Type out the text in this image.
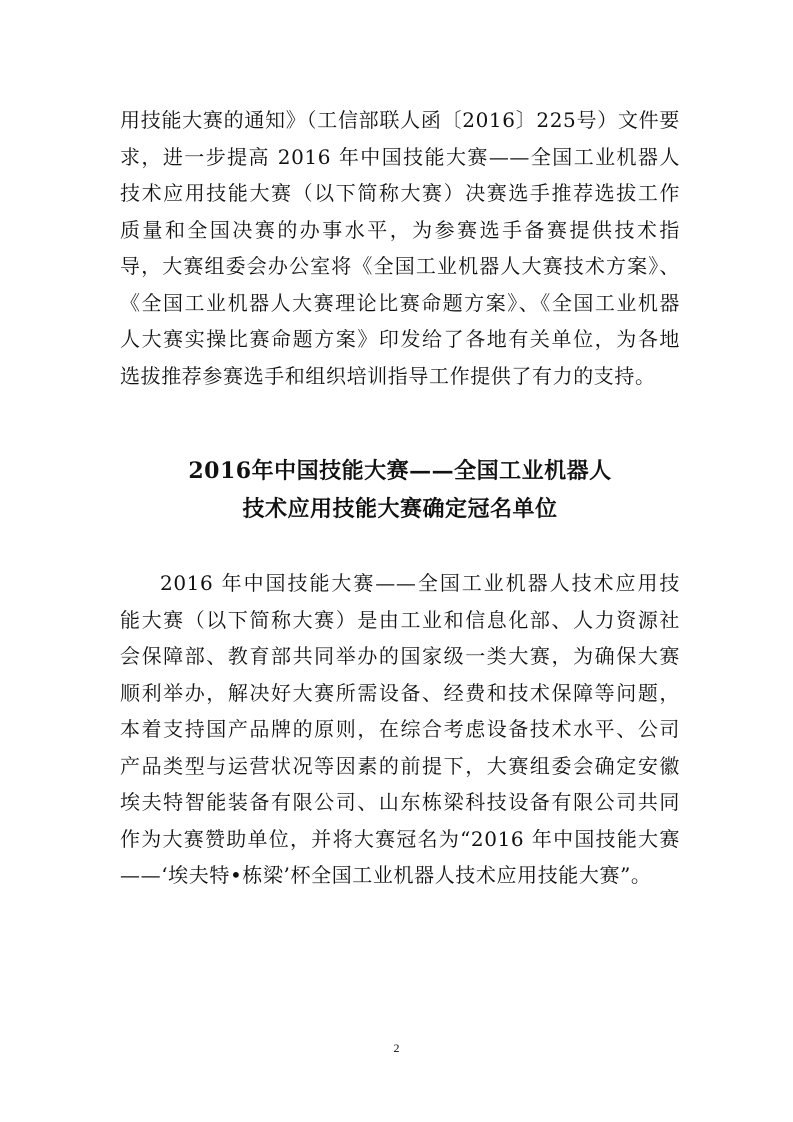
用技能大赛的通知》（工信部联人函〔2016〕225号）文件要
求，进一步提高 2016 年中国技能大赛——全国工业机器人
技术应用技能大赛（以下简称大赛）决赛选手推荐选拔工作
质量和全国决赛的办事水平，为参赛选手备赛提供技术指
导，大赛组委会办公室将《全国工业机器人大赛技术方案》、
《全国工业机器人大赛理论比赛命题方案》、《全国工业机器
人大赛实操比赛命题方案》印发给了各地有关单位，为各地
选拔推荐参赛选手和组织培训指导工作提供了有力的支持。
2016年中国技能大赛——全国工业机器人
技术应用技能大赛确定冠名单位
2016 年中国技能大赛——全国工业机器人技术应用技
能大赛（以下简称大赛）是由工业和信息化部、人力资源社
会保障部、教育部共同举办的国家级一类大赛，为确保大赛
顺利举办，解决好大赛所需设备、经费和技术保障等问题，
本着支持国产品牌的原则，在综合考虑设备技术水平、公司
产品类型与运营状况等因素的前提下，大赛组委会确定安徽
埃夫特智能装备有限公司、山东栋梁科技设备有限公司共同
作为大赛赞助单位，并将大赛冠名为“2016 年中国技能大赛
——‘埃夫特•栋梁’杯全国工业机器人技术应用技能大赛”。
2
